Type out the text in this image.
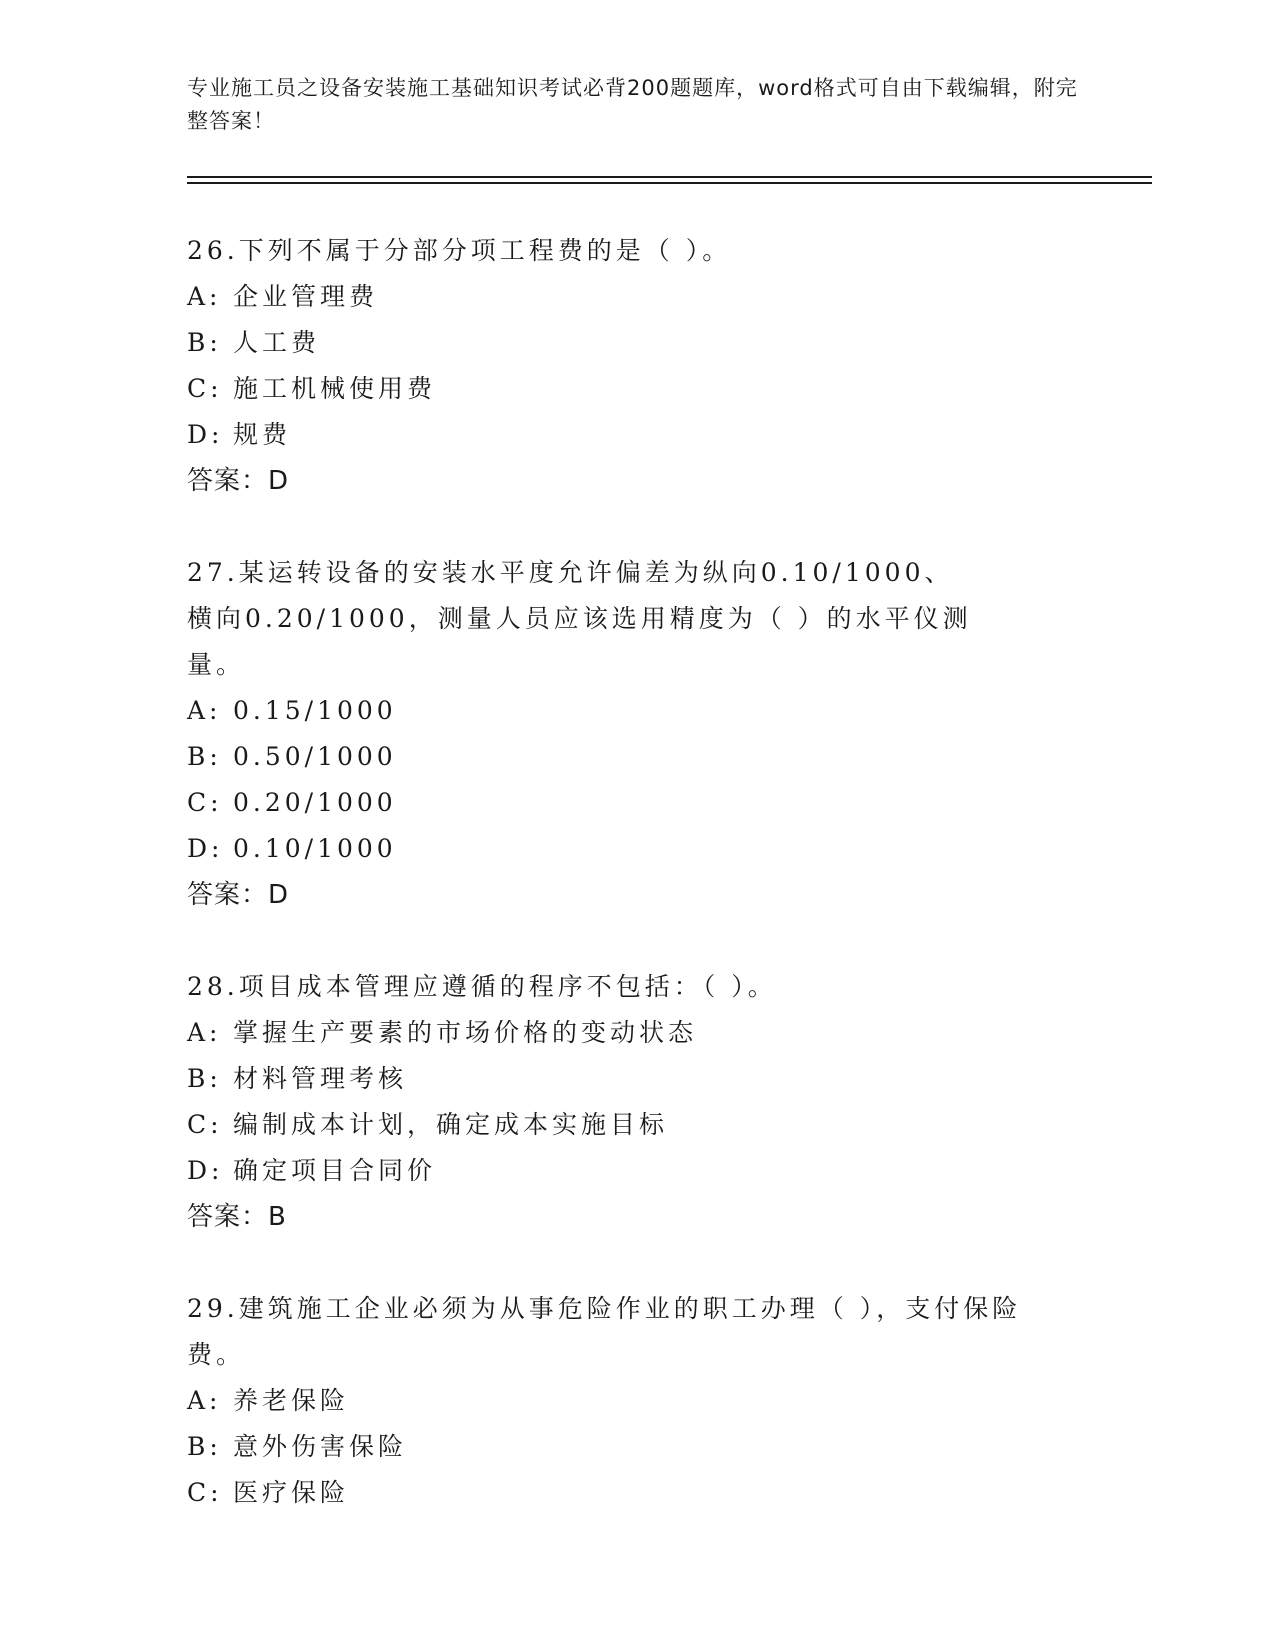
专业施工员之设备安装施工基础知识考试必背200题题库，word格式可自由下载编辑，附完整答案！
26.下列不属于分部分项工程费的是（ ）。
A: 企业管理费
B: 人工费
C: 施工机械使用费
D: 规费
答案：D
27.某运转设备的安装水平度允许偏差为纵向0.10/1000、横向0.20/1000，测量人员应该选用精度为（ ）的水平仪测量。
A: 0.15/1000
B: 0.50/1000
C: 0.20/1000
D: 0.10/1000
答案：D
28.项目成本管理应遵循的程序不包括：（ ）。
A: 掌握生产要素的市场价格的变动状态
B: 材料管理考核
C: 编制成本计划，确定成本实施目标
D: 确定项目合同价
答案：B
29.建筑施工企业必须为从事危险作业的职工办理（ ），支付保险费。
A: 养老保险
B: 意外伤害保险
C: 医疗保险
